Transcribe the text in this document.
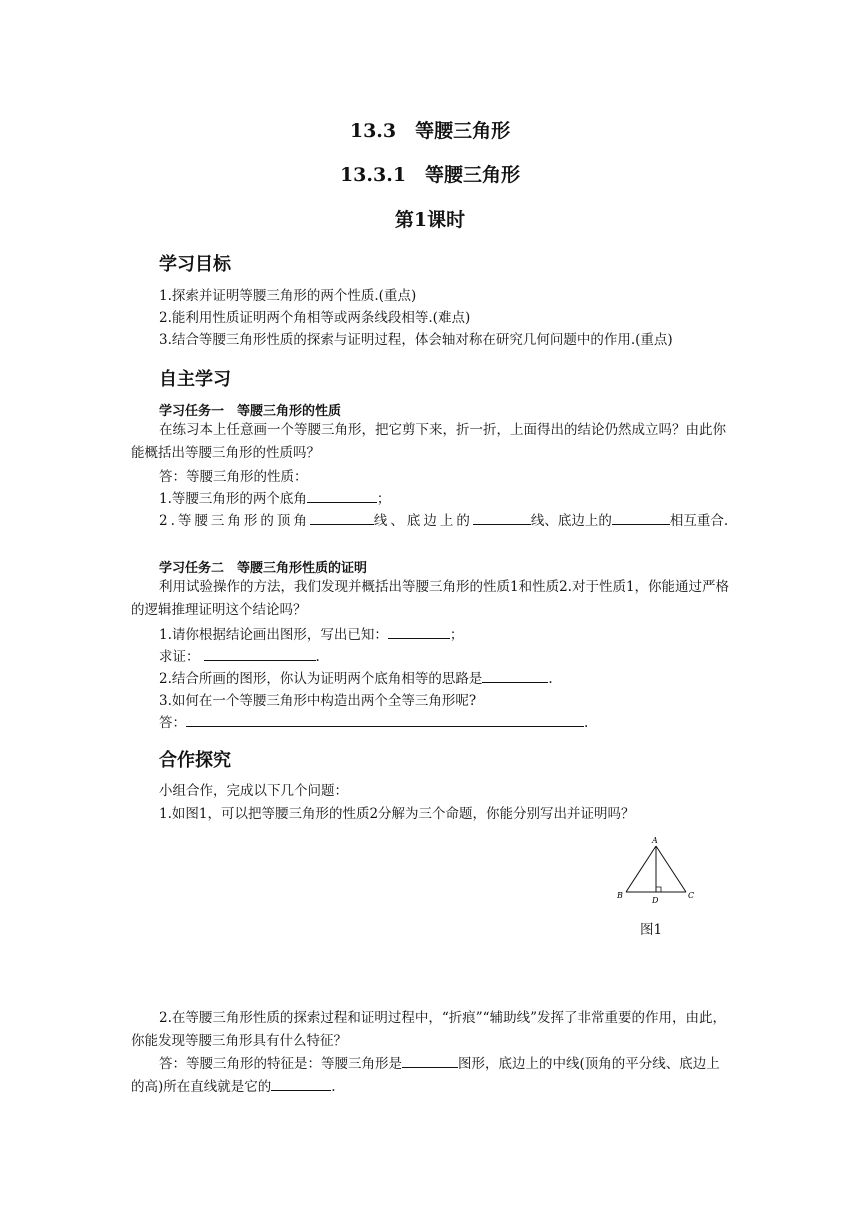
13.3　等腰三角形
13.3.1　等腰三角形
第1课时
学习目标
1.探索并证明等腰三角形的两个性质.(重点)
2.能利用性质证明两个角相等或两条线段相等.(难点)
3.结合等腰三角形性质的探索与证明过程，体会轴对称在研究几何问题中的作用.(重点)
自主学习
学习任务一　等腰三角形的性质
在练习本上任意画一个等腰三角形，把它剪下来，折一折，上面得出的结论仍然成立吗？由此你能概括出等腰三角形的性质吗？
答：等腰三角形的性质：
1.等腰三角形的两个底角	；
2.等腰三角形的顶角	线、底边上的	线、底边上的	相互重合.
学习任务二　等腰三角形性质的证明
利用试验操作的方法，我们发现并概括出等腰三角形的性质1和性质2.对于性质1，你能通过严格的逻辑推理证明这个结论吗？
1.请你根据结论画出图形，写出已知：	；
求证：	.
2.结合所画的图形，你认为证明两个底角相等的思路是	.
3.如何在一个等腰三角形中构造出两个全等三角形呢?
答：	.
合作探究
小组合作，完成以下几个问题：
1.如图1，可以把等腰三角形的性质2分解为三个命题，你能分别写出并证明吗？
A
B	C
D
图1
2.在等腰三角形性质的探索过程和证明过程中，“折痕”“辅助线”发挥了非常重要的作用，由此，你能发现等腰三角形具有什么特征？
答：等腰三角形的特征是：等腰三角形是	图形，底边上的中线(顶角的平分线、底边上的高)所在直线就是它的	.
